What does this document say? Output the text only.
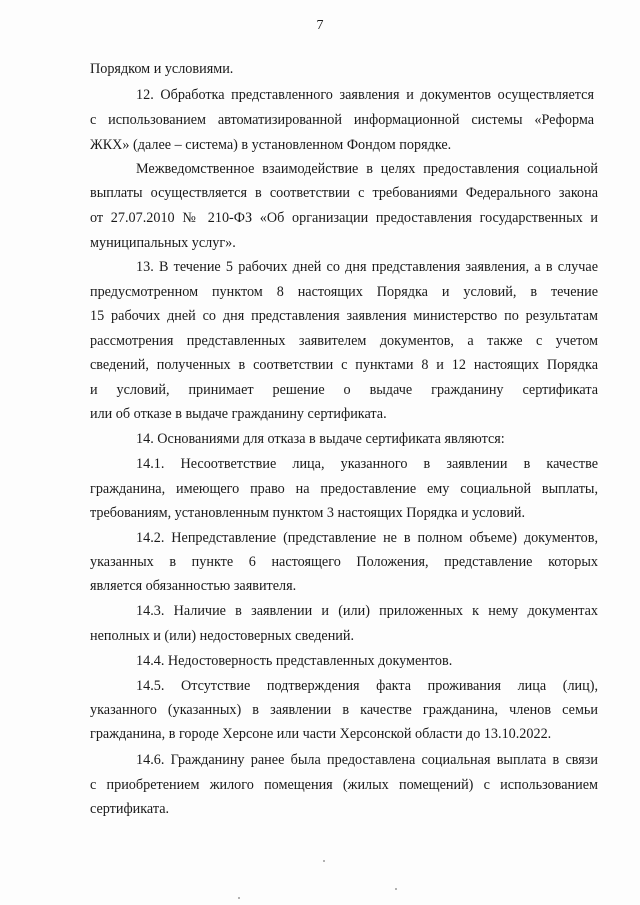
7
Порядком и условиями.
12. Обработка представленного заявления и документов осуществляется
с использованием автоматизированной информационной системы «Реформа
ЖКХ» (далее – система) в установленном Фондом порядке.
Межведомственное взаимодействие в целях предоставления социальной
выплаты осуществляется в соответствии с требованиями Федерального закона
от 27.07.2010 № 210-ФЗ «Об организации предоставления государственных и
муниципальных услуг».
13. В течение 5 рабочих дней со дня представления заявления, а в случае
предусмотренном пунктом 8 настоящих Порядка и условий, в течение
15 рабочих дней со дня представления заявления министерство по результатам
рассмотрения представленных заявителем документов, а также с учетом
сведений, полученных в соответствии с пунктами 8 и 12 настоящих Порядка
и условий, принимает решение о выдаче гражданину сертификата
или об отказе в выдаче гражданину сертификата.
14. Основаниями для отказа в выдаче сертификата являются:
14.1. Несоответствие лица, указанного в заявлении в качестве
гражданина, имеющего право на предоставление ему социальной выплаты,
требованиям, установленным пунктом 3 настоящих Порядка и условий.
14.2. Непредставление (представление не в полном объеме) документов,
указанных в пункте 6 настоящего Положения, представление которых
является обязанностью заявителя.
14.3. Наличие в заявлении и (или) приложенных к нему документах
неполных и (или) недостоверных сведений.
14.4. Недостоверность представленных документов.
14.5. Отсутствие подтверждения факта проживания лица (лиц),
указанного (указанных) в заявлении в качестве гражданина, членов семьи
гражданина, в городе Херсоне или части Херсонской области до 13.10.2022.
14.6. Гражданину ранее была предоставлена социальная выплата в связи
с приобретением жилого помещения (жилых помещений) с использованием
сертификата.
